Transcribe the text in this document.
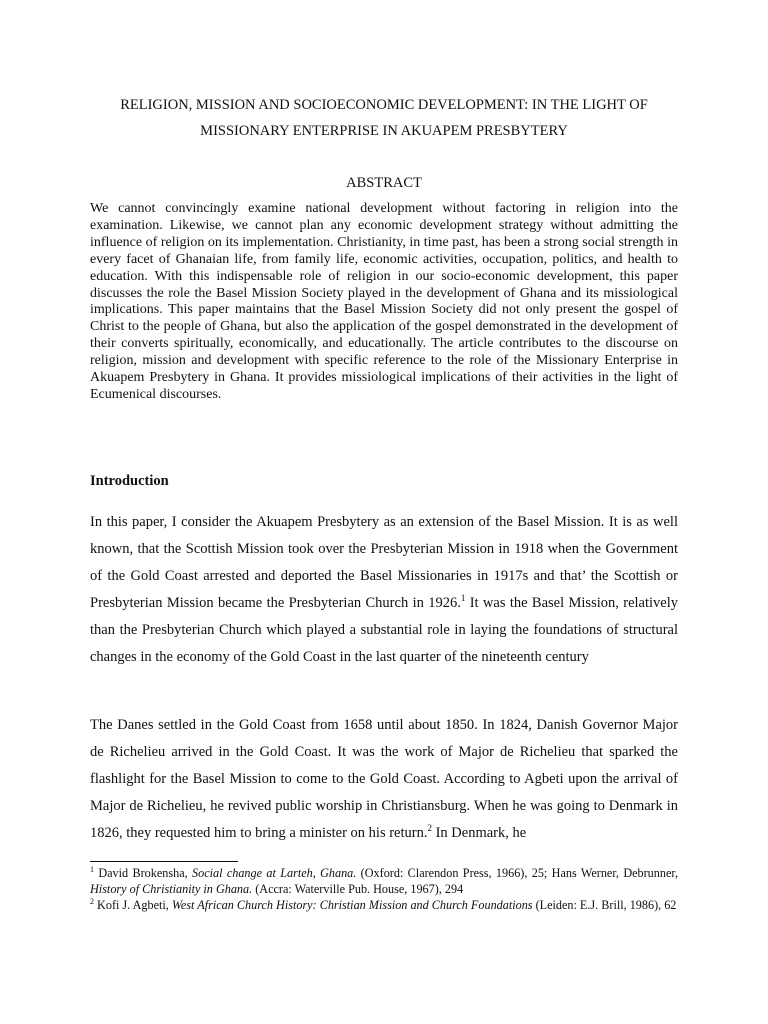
RELIGION, MISSION AND SOCIOECONOMIC DEVELOPMENT: IN THE LIGHT OF
MISSIONARY ENTERPRISE IN AKUAPEM PRESBYTERY
ABSTRACT

We cannot convincingly examine national development without factoring in religion into the examination. Likewise, we cannot plan any economic development strategy without admitting the influence of religion on its implementation. Christianity, in time past, has been a strong social strength in every facet of Ghanaian life, from family life, economic activities, occupation, politics, and health to education. With this indispensable role of religion in our socio-economic development, this paper discusses the role the Basel Mission Society played in the development of Ghana and its missiological implications. This paper maintains that the Basel Mission Society did not only present the gospel of Christ to the people of Ghana, but also the application of the gospel demonstrated in the development of their converts spiritually, economically, and educationally. The article contributes to the discourse on religion, mission and development with specific reference to the role of the Missionary Enterprise in Akuapem Presbytery in Ghana. It provides missiological implications of their activities in the light of Ecumenical discourses.

Introduction

In this paper, I consider the Akuapem Presbytery as an extension of the Basel Mission. It is as well known, that the Scottish Mission took over the Presbyterian Mission in 1918 when the Government of the Gold Coast arrested and deported the Basel Missionaries in 1917s and that’ the Scottish or Presbyterian Mission became the Presbyterian Church in 1926.$^1$ It was the Basel Mission, relatively than the Presbyterian Church which played a substantial role in laying the foundations of structural changes in the economy of the Gold Coast in the last quarter of the nineteenth century

The Danes settled in the Gold Coast from 1658 until about 1850. In 1824, Danish Governor Major de Richelieu arrived in the Gold Coast. It was the work of Major de Richelieu that sparked the flashlight for the Basel Mission to come to the Gold Coast. According to Agbeti upon the arrival of Major de Richelieu, he revived public worship in Christiansburg. When he was going to Denmark in 1826, they requested him to bring a minister on his return.$^2$ In Denmark, he

$^1$ David Brokensha, Social change at Larteh, Ghana. (Oxford: Clarendon Press, 1966), 25; Hans Werner, Debrunner, History of Christianity in Ghana. (Accra: Waterville Pub. House, 1967), 294

$^2$ Kofi J. Agbeti, West African Church History: Christian Mission and Church Foundations (Leiden: E.J. Brill, 1986), 62
